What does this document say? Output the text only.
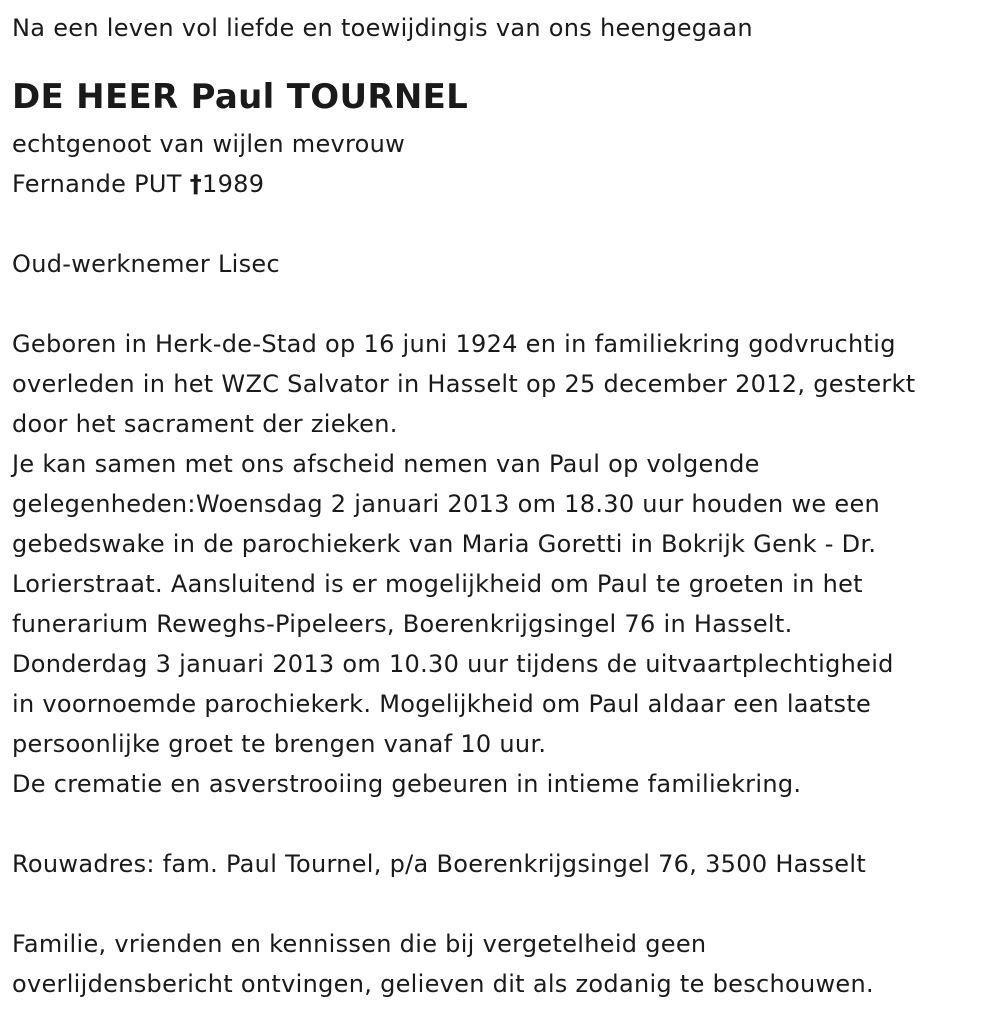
Na een leven vol liefde en toewijdingis van ons heengegaan

DE HEER Paul TOURNEL

echtgenoot van wijlen mevrouw

Fernande PUT †1989

Oud-werknemer Lisec

Geboren in Herk-de-Stad op 16 juni 1924 en in familiekring godvruchtig

overleden in het WZC Salvator in Hasselt op 25 december 2012, gesterkt

door het sacrament der zieken.

Je kan samen met ons afscheid nemen van Paul op volgende

gelegenheden:Woensdag 2 januari 2013 om 18.30 uur houden we een

gebedswake in de parochiekerk van Maria Goretti in Bokrijk Genk - Dr.

Lorierstraat. Aansluitend is er mogelijkheid om Paul te groeten in het

funerarium Reweghs-Pipeleers, Boerenkrijgsingel 76 in Hasselt.

Donderdag 3 januari 2013 om 10.30 uur tijdens de uitvaartplechtigheid

in voornoemde parochiekerk. Mogelijkheid om Paul aldaar een laatste

persoonlijke groet te brengen vanaf 10 uur.

De crematie en asverstrooiing gebeuren in intieme familiekring.

Rouwadres: fam. Paul Tournel, p/a Boerenkrijgsingel 76, 3500 Hasselt

Familie, vrienden en kennissen die bij vergetelheid geen

overlijdensbericht ontvingen, gelieven dit als zodanig te beschouwen.
